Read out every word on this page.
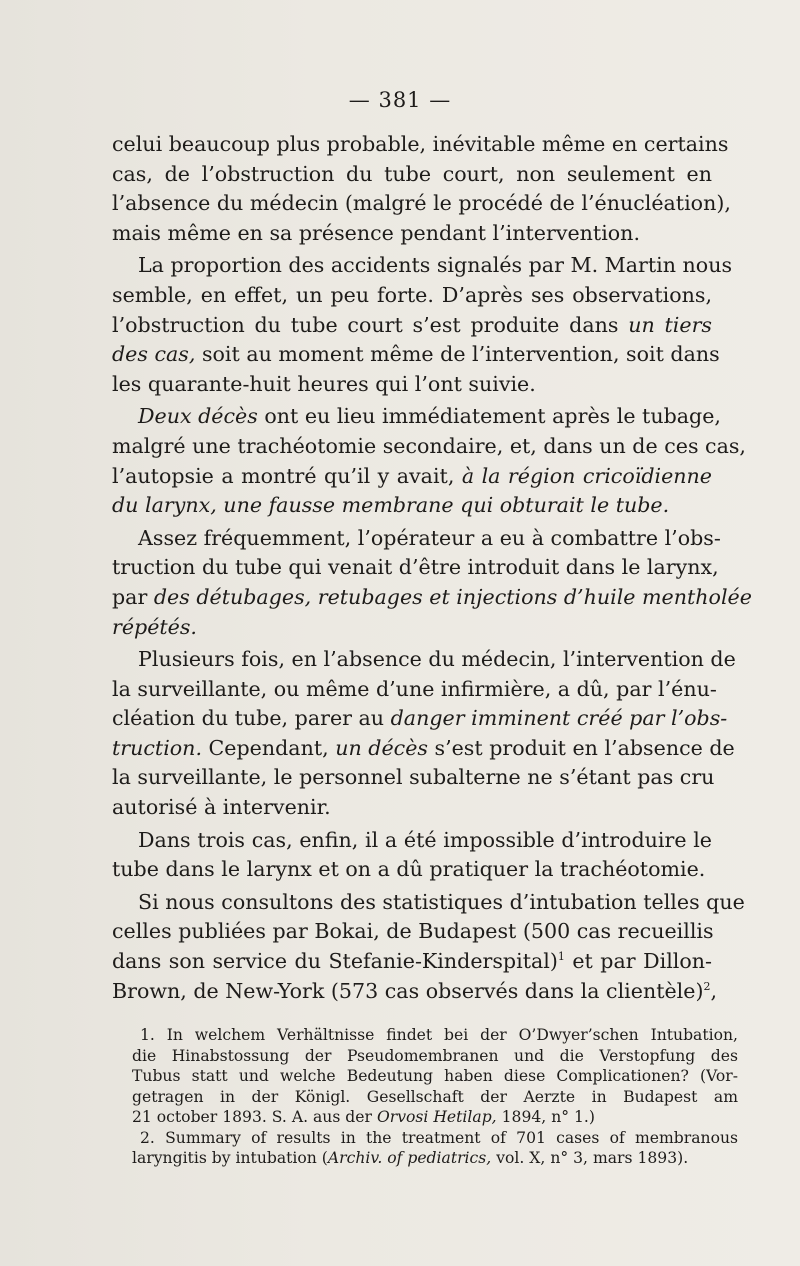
— 381 —
celui beaucoup plus probable, inévitable même en certains
cas, de l’obstruction du tube court, non seulement en
l’absence du médecin (malgré le procédé de l’énucléation),
mais même en sa présence pendant l’intervention.
La proportion des accidents signalés par M. Martin nous
semble, en effet, un peu forte. D’après ses observations,
l’obstruction du tube court s’est produite dans un tiers
des cas, soit au moment même de l’intervention, soit dans
les quarante-huit heures qui l’ont suivie.
Deux décès ont eu lieu immédiatement après le tubage,
malgré une trachéotomie secondaire, et, dans un de ces cas,
l’autopsie a montré qu’il y avait, à la région cricoïdienne
du larynx, une fausse membrane qui obturait le tube.
Assez fréquemment, l’opérateur a eu à combattre l’obs-
truction du tube qui venait d’être introduit dans le larynx,
par des détubages, retubages et injections d’huile mentholée
répétés.
Plusieurs fois, en l’absence du médecin, l’intervention de
la surveillante, ou même d’une infirmière, a dû, par l’énu-
cléation du tube, parer au danger imminent créé par l’obs-
truction. Cependant, un décès s’est produit en l’absence de
la surveillante, le personnel subalterne ne s’étant pas cru
autorisé à intervenir.
Dans trois cas, enfin, il a été impossible d’introduire le
tube dans le larynx et on a dû pratiquer la trachéotomie.
Si nous consultons des statistiques d’intubation telles que
celles publiées par Bokai, de Budapest (500 cas recueillis
dans son service du Stefanie-Kinderspital)$^1$ et par Dillon-
Brown, de New-York (573 cas observés dans la clientèle)$^2$,
1. In welchem Verhältnisse findet bei der O’Dwyer’schen Intubation,
die Hinabstossung der Pseudomembranen und die Verstopfung des
Tubus statt und welche Bedeutung haben diese Complicationen? (Vor-
getragen in der Königl. Gesellschaft der Aerzte in Budapest am
21 october 1893. S. A. aus der Orvosi Hetilap, 1894, n° 1.)
2. Summary of results in the treatment of 701 cases of membranous
laryngitis by intubation (Archiv. of pediatrics, vol. X, n° 3, mars 1893).
